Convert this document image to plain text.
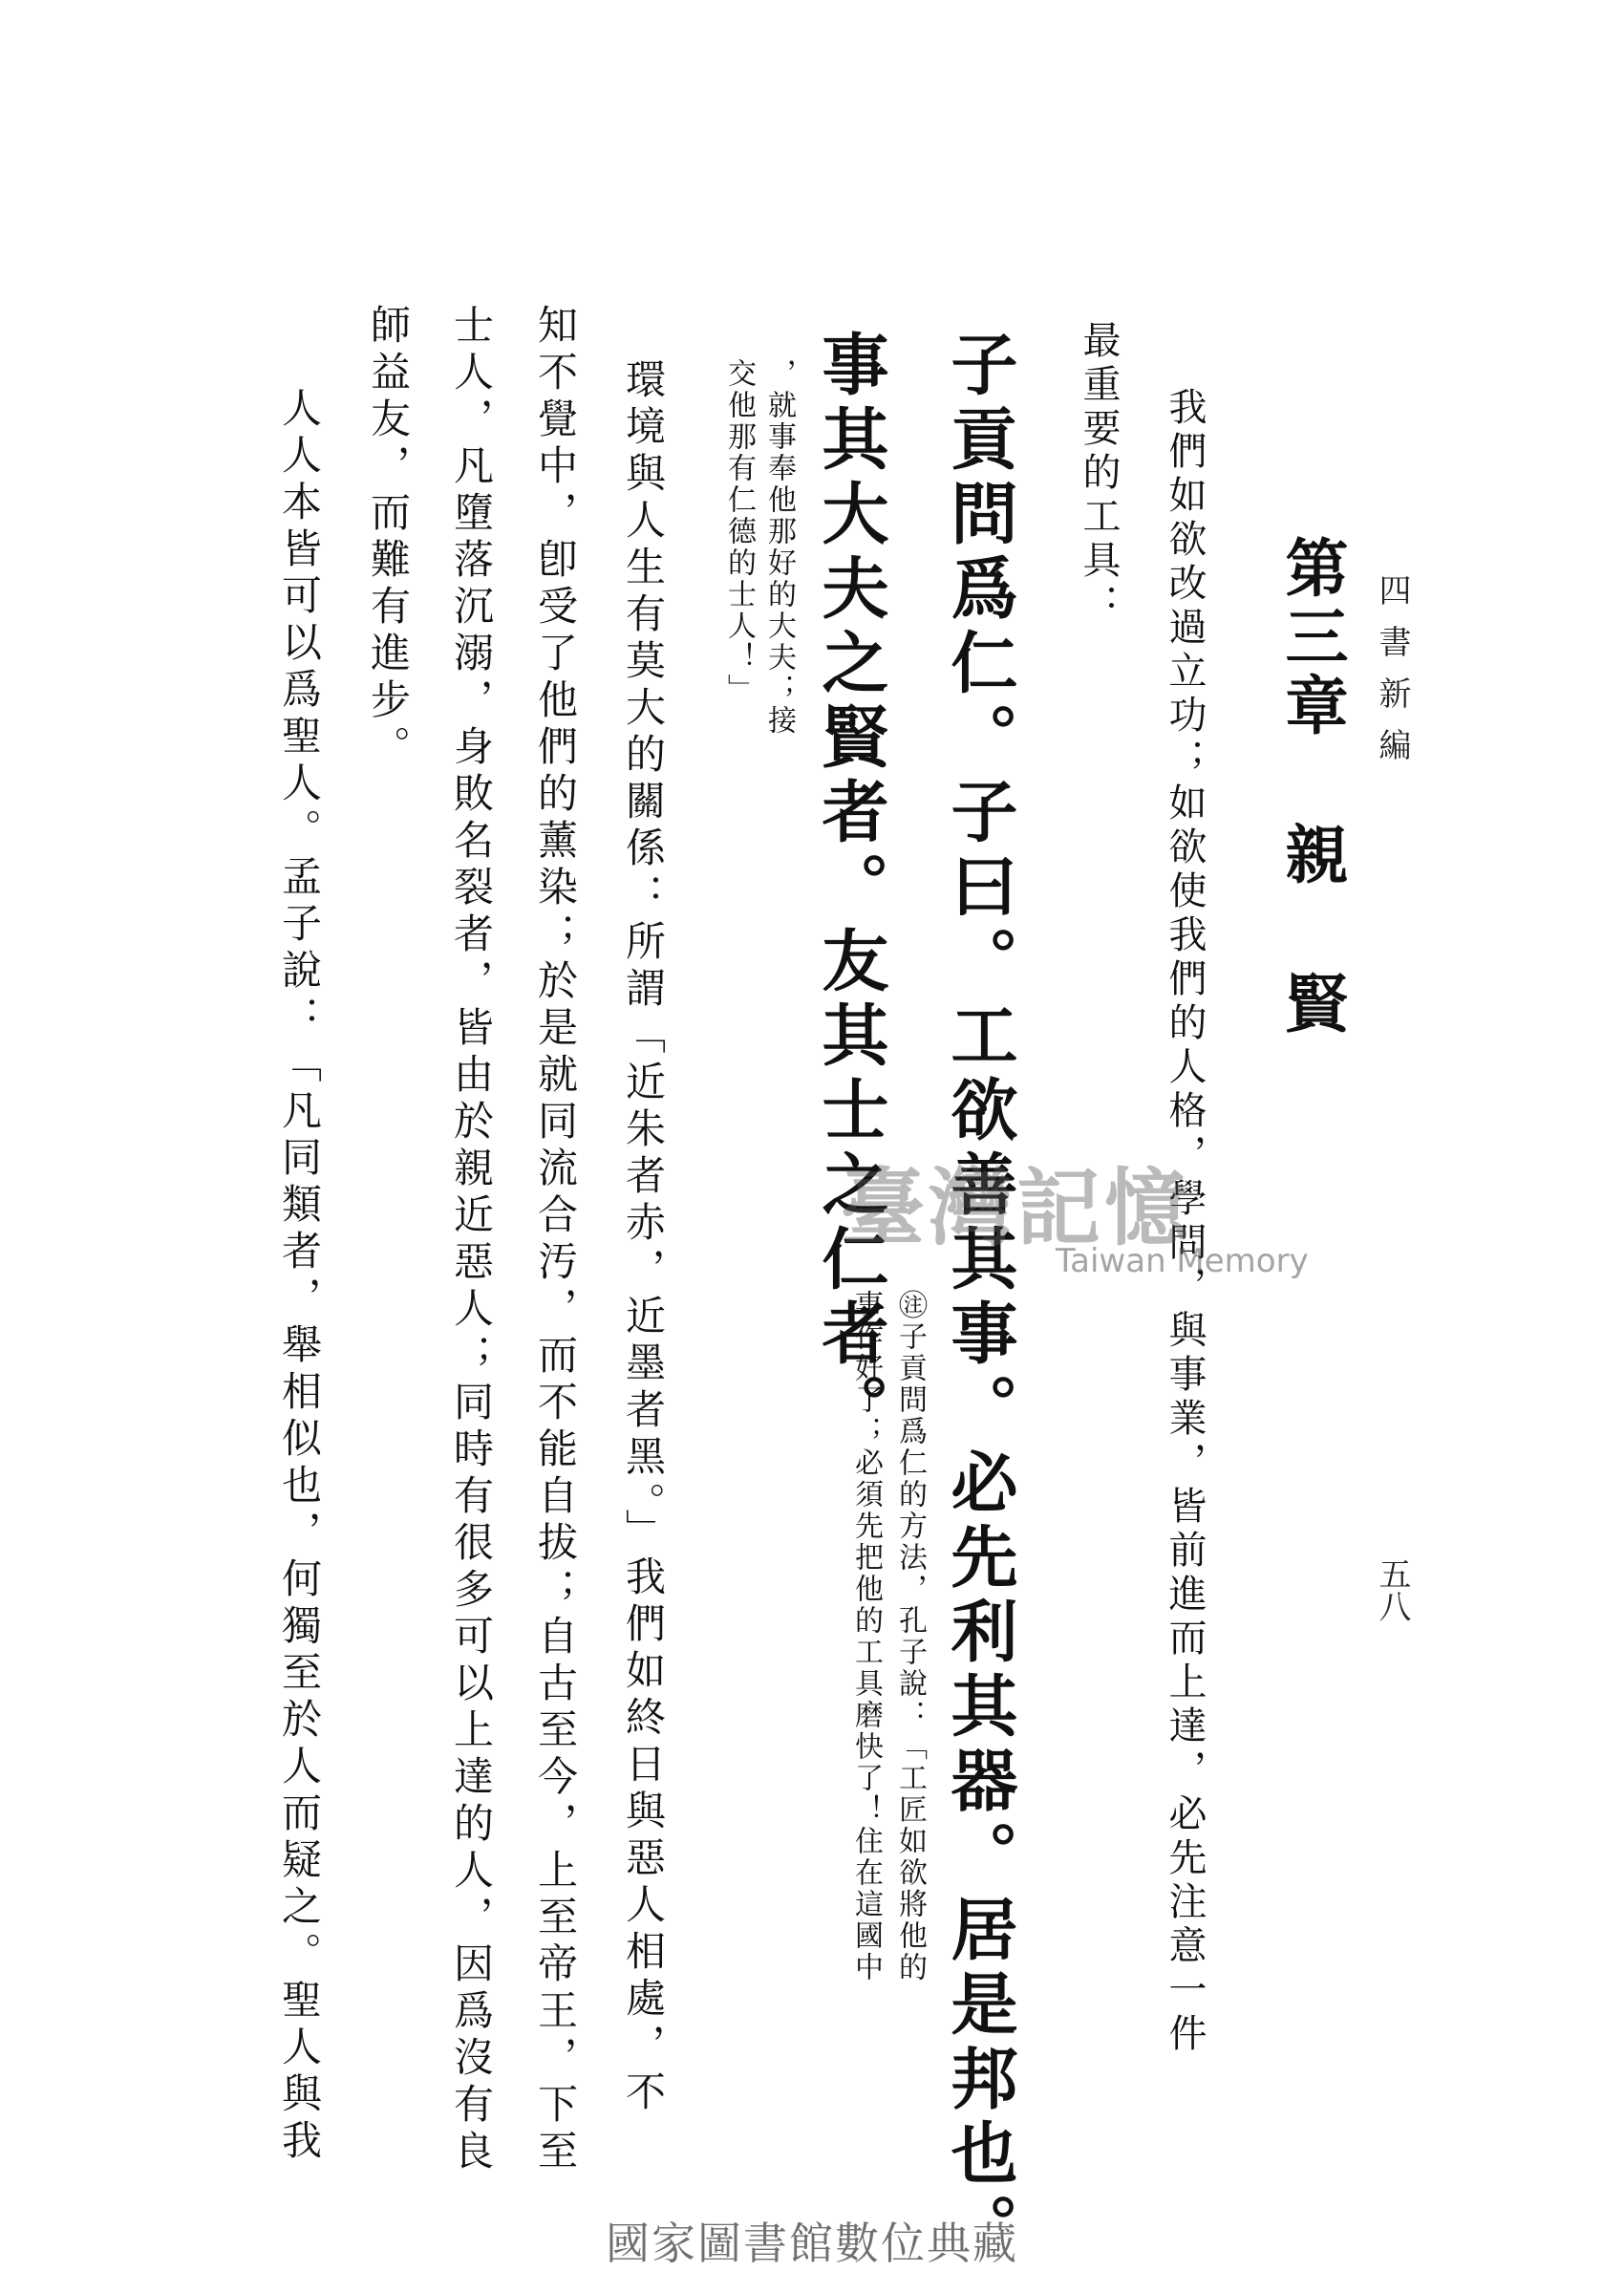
四書新編
五八
第三章 親 賢
我們如欲改過立功；如欲使我們的人格，學問，與事業，皆前進而上達，必先注意一件
最重要的工具：
子貢問爲仁。子曰。工欲善其事。必先利其器。居是邦也。
事其大夫之賢者。友其士之仁者。
㊟子貢問爲仁的方法，孔子說：「工匠如欲將他的
事作好了；必須先把他的工具磨快了！住在這國中
，就事奉他那好的大夫；接
交他那有仁德的士人！」
環境與人生有莫大的關係：所謂「近朱者赤，近墨者黑。」我們如終日與惡人相處，不
知不覺中，卽受了他們的薰染；於是就同流合汚，而不能自拔；自古至今，上至帝王，下至
士人，凡墮落沉溺，身敗名裂者，皆由於親近惡人；同時有很多可以上達的人，因爲沒有良
師益友，而難有進步。
人人本皆可以爲聖人。孟子說：「凡同類者，舉相似也，何獨至於人而疑之。聖人與我	臺灣記憶
Taiwan Memory
國家圖書館數位典藏
